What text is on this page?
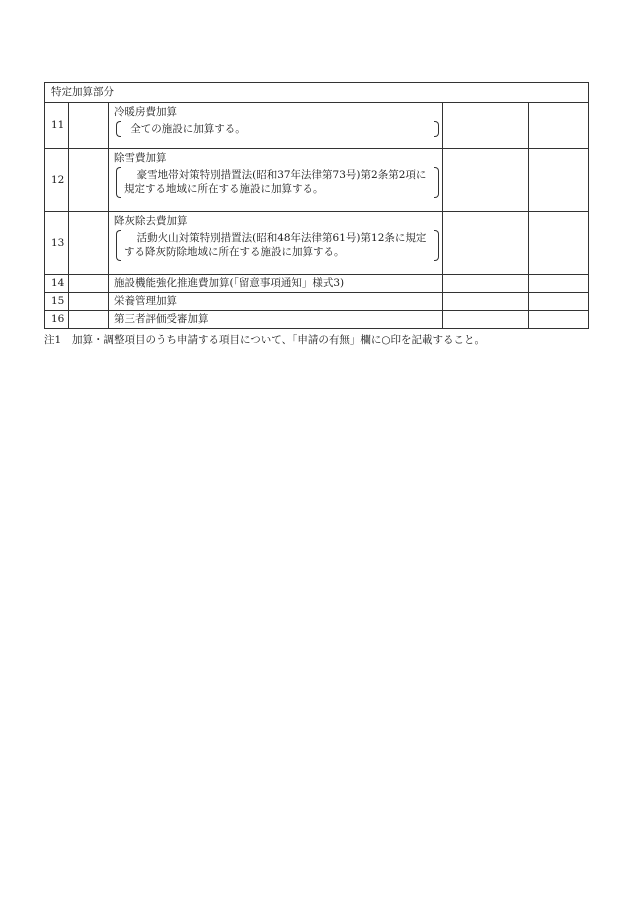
特定加算部分				
11		冷暖房費加算
全ての施設に加算する。		

12		除雪費加算
豪雪地帯対策特別措置法(昭和37年法律第73号)第2条第2項に規定する地域に所在する施設に加算する。		

13		降灰除去費加算
活動火山対策特別措置法(昭和48年法律第61号)第12条に規定する降灰防除地域に所在する施設に加算する。		

14		施設機能強化推進費加算(「留意事項通知」様式3)		
15		栄養管理加算		
16		第三者評価受審加算		
注1	加算・調整項目のうち申請する項目について、「申請の有無」欄に○印を記載すること。
